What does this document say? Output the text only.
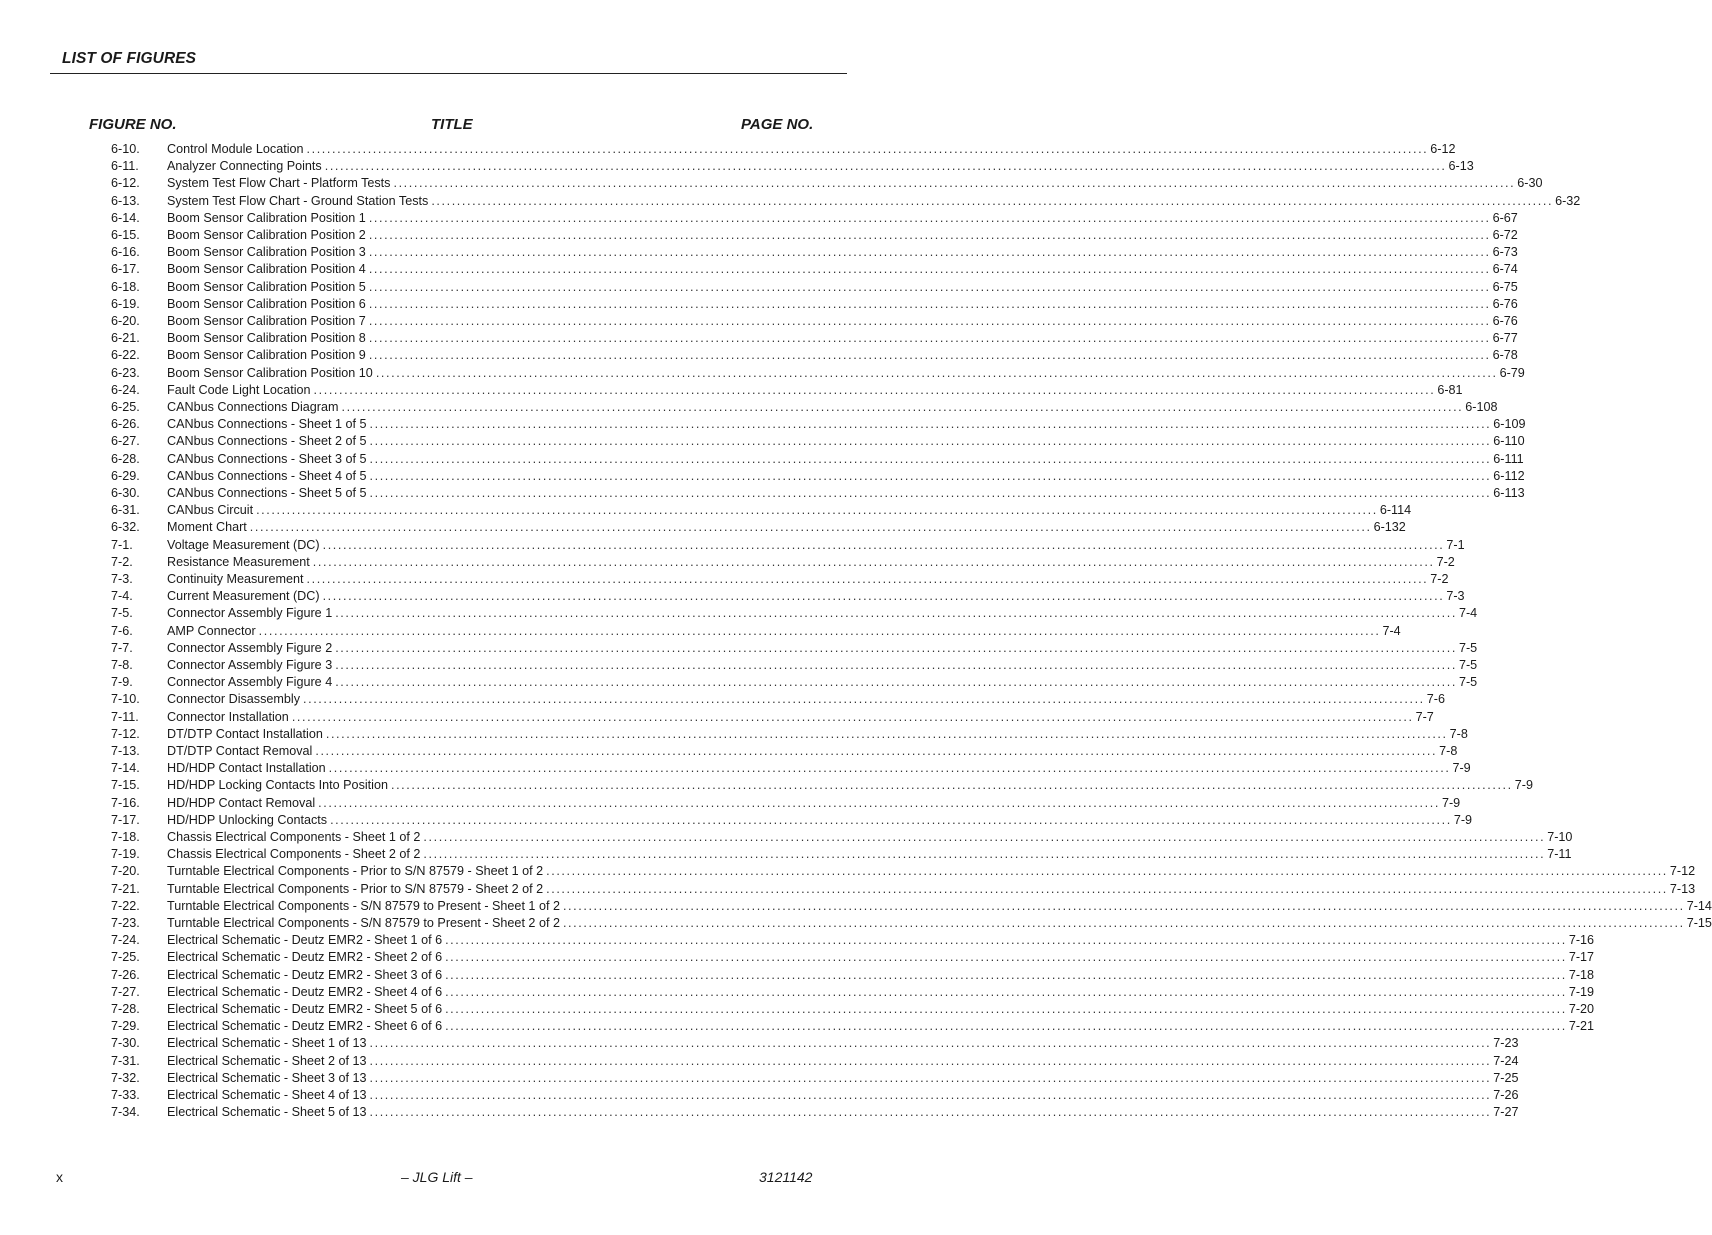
LIST OF FIGURES
FIGURE NO.	TITLE	PAGE NO.
6-10. Control Module Location ............................................................................................................................................................................................................................ 6-12
6-11. Analyzer Connecting Points ............................................................................................................................................................................................................................ 6-13
6-12. System Test Flow Chart - Platform Tests ............................................................................................................................................................................................................................ 6-30
6-13. System Test Flow Chart - Ground Station Tests ............................................................................................................................................................................................................................ 6-32
6-14. Boom Sensor Calibration Position 1 ............................................................................................................................................................................................................................ 6-67
6-15. Boom Sensor Calibration Position 2 ............................................................................................................................................................................................................................ 6-72
6-16. Boom Sensor Calibration Position 3 ............................................................................................................................................................................................................................ 6-73
6-17. Boom Sensor Calibration Position 4 ............................................................................................................................................................................................................................ 6-74
6-18. Boom Sensor Calibration Position 5 ............................................................................................................................................................................................................................ 6-75
6-19. Boom Sensor Calibration Position 6 ............................................................................................................................................................................................................................ 6-76
6-20. Boom Sensor Calibration Position 7 ............................................................................................................................................................................................................................ 6-76
6-21. Boom Sensor Calibration Position 8 ............................................................................................................................................................................................................................ 6-77
6-22. Boom Sensor Calibration Position 9 ............................................................................................................................................................................................................................ 6-78
6-23. Boom Sensor Calibration Position 10 ............................................................................................................................................................................................................................ 6-79
6-24. Fault Code Light Location ............................................................................................................................................................................................................................ 6-81
6-25. CANbus Connections Diagram ............................................................................................................................................................................................................................ 6-108
6-26. CANbus Connections - Sheet 1 of 5 ............................................................................................................................................................................................................................ 6-109
6-27. CANbus Connections - Sheet 2 of 5 ............................................................................................................................................................................................................................ 6-110
6-28. CANbus Connections - Sheet 3 of 5 ............................................................................................................................................................................................................................ 6-111
6-29. CANbus Connections - Sheet 4 of 5 ............................................................................................................................................................................................................................ 6-112
6-30. CANbus Connections - Sheet 5 of 5 ............................................................................................................................................................................................................................ 6-113
6-31. CANbus Circuit ............................................................................................................................................................................................................................ 6-114
6-32. Moment Chart ............................................................................................................................................................................................................................ 6-132
7-1.	Voltage Measurement (DC) ............................................................................................................................................................................................................................ 7-1
7-2.	Resistance Measurement ............................................................................................................................................................................................................................ 7-2
7-3.	Continuity Measurement ............................................................................................................................................................................................................................ 7-2
7-4.	Current Measurement (DC) ............................................................................................................................................................................................................................ 7-3
7-5.	Connector Assembly Figure 1 ............................................................................................................................................................................................................................ 7-4
7-6.	AMP Connector ............................................................................................................................................................................................................................ 7-4
7-7.	Connector Assembly Figure 2 ............................................................................................................................................................................................................................ 7-5
7-8.	Connector Assembly Figure 3 ............................................................................................................................................................................................................................ 7-5
7-9.	Connector Assembly Figure 4 ............................................................................................................................................................................................................................ 7-5
7-10. Connector Disassembly ............................................................................................................................................................................................................................ 7-6
7-11. Connector Installation ............................................................................................................................................................................................................................ 7-7
7-12. DT/DTP Contact Installation ............................................................................................................................................................................................................................ 7-8
7-13. DT/DTP Contact Removal ............................................................................................................................................................................................................................ 7-8
7-14. HD/HDP Contact Installation ............................................................................................................................................................................................................................ 7-9
7-15. HD/HDP Locking Contacts Into Position ............................................................................................................................................................................................................................ 7-9
7-16. HD/HDP Contact Removal ............................................................................................................................................................................................................................ 7-9
7-17. HD/HDP Unlocking Contacts ............................................................................................................................................................................................................................ 7-9
7-18. Chassis Electrical Components - Sheet 1 of 2 ............................................................................................................................................................................................................................ 7-10
7-19. Chassis Electrical Components - Sheet 2 of 2 ............................................................................................................................................................................................................................ 7-11
7-20. Turntable Electrical Components - Prior to S/N 87579 - Sheet 1 of 2 ............................................................................................................................................................................................................................ 7-12
7-21. Turntable Electrical Components - Prior to S/N 87579 - Sheet 2 of 2 ............................................................................................................................................................................................................................ 7-13
7-22. Turntable Electrical Components - S/N 87579 to Present - Sheet 1 of 2 ............................................................................................................................................................................................................................ 7-14
7-23. Turntable Electrical Components - S/N 87579 to Present - Sheet 2 of 2 ............................................................................................................................................................................................................................ 7-15
7-24. Electrical Schematic - Deutz EMR2 - Sheet 1 of 6 ............................................................................................................................................................................................................................ 7-16
7-25. Electrical Schematic - Deutz EMR2 - Sheet 2 of 6 ............................................................................................................................................................................................................................ 7-17
7-26. Electrical Schematic - Deutz EMR2 - Sheet 3 of 6 ............................................................................................................................................................................................................................ 7-18
7-27. Electrical Schematic - Deutz EMR2 - Sheet 4 of 6 ............................................................................................................................................................................................................................ 7-19
7-28. Electrical Schematic - Deutz EMR2 - Sheet 5 of 6 ............................................................................................................................................................................................................................ 7-20
7-29. Electrical Schematic - Deutz EMR2 - Sheet 6 of 6 ............................................................................................................................................................................................................................ 7-21
7-30. Electrical Schematic - Sheet 1 of 13 ............................................................................................................................................................................................................................ 7-23
7-31. Electrical Schematic - Sheet 2 of 13 ............................................................................................................................................................................................................................ 7-24
7-32. Electrical Schematic - Sheet 3 of 13 ............................................................................................................................................................................................................................ 7-25
7-33. Electrical Schematic - Sheet 4 of 13 ............................................................................................................................................................................................................................ 7-26
7-34. Electrical Schematic - Sheet 5 of 13 ............................................................................................................................................................................................................................ 7-27
x	– JLG Lift –	3121142
